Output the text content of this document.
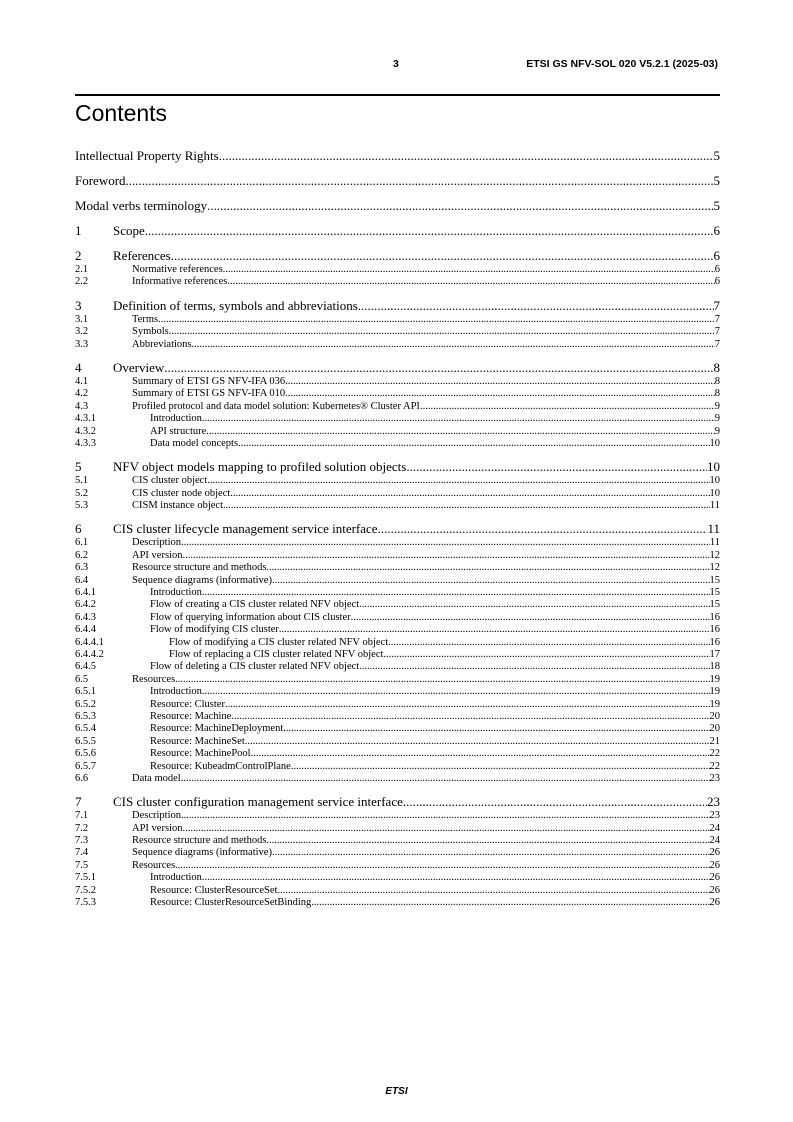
3	ETSI GS NFV-SOL 020 V5.2.1 (2025-03)
Contents
Intellectual Property Rights .....	5
Foreword .....	5
Modal verbs terminology .....	5
1	Scope .....	6
2	References .....	6
2.1	Normative references .....	6
2.2	Informative references .....	6
3	Definition of terms, symbols and abbreviations .....	7
3.1	Terms .....	7
3.2	Symbols .....	7
3.3	Abbreviations .....	7
4	Overview .....	8
4.1	Summary of ETSI GS NFV-IFA 036 .....	8
4.2	Summary of ETSI GS NFV-IFA 010 .....	8
4.3	Profiled protocol and data model solution: Kubernetes® Cluster API .....	9
4.3.1	Introduction .....	9
4.3.2	API structure .....	9
4.3.3	Data model concepts .....	10
5	NFV object models mapping to profiled solution objects .....	10
5.1	CIS cluster object .....	10
5.2	CIS cluster node object .....	10
5.3	CISM instance object .....	11
6	CIS cluster lifecycle management service interface .....	11
6.1	Description .....	11
6.2	API version .....	12
6.3	Resource structure and methods .....	12
6.4	Sequence diagrams (informative) .....	15
6.4.1	Introduction .....	15
6.4.2	Flow of creating a CIS cluster related NFV object .....	15
6.4.3	Flow of querying information about CIS cluster .....	16
6.4.4	Flow of modifying CIS cluster .....	16
6.4.4.1	Flow of modifying a CIS cluster related NFV object .....	16
6.4.4.2	Flow of replacing a CIS cluster related NFV object .....	17
6.4.5	Flow of deleting a CIS cluster related NFV object .....	18
6.5	Resources .....	19
6.5.1	Introduction .....	19
6.5.2	Resource: Cluster .....	19
6.5.3	Resource: Machine .....	20
6.5.4	Resource: MachineDeployment .....	20
6.5.5	Resource: MachineSet .....	21
6.5.6	Resource: MachinePool .....	22
6.5.7	Resource: KubeadmControlPlane .....	22
6.6	Data model .....	23
7	CIS cluster configuration management service interface .....	23
7.1	Description .....	23
7.2	API version .....	24
7.3	Resource structure and methods .....	24
7.4	Sequence diagrams (informative) .....	26
7.5	Resources .....	26
7.5.1	Introduction .....	26
7.5.2	Resource: ClusterResourceSet .....	26
7.5.3	Resource: ClusterResourceSetBinding .....	26
ETSI
